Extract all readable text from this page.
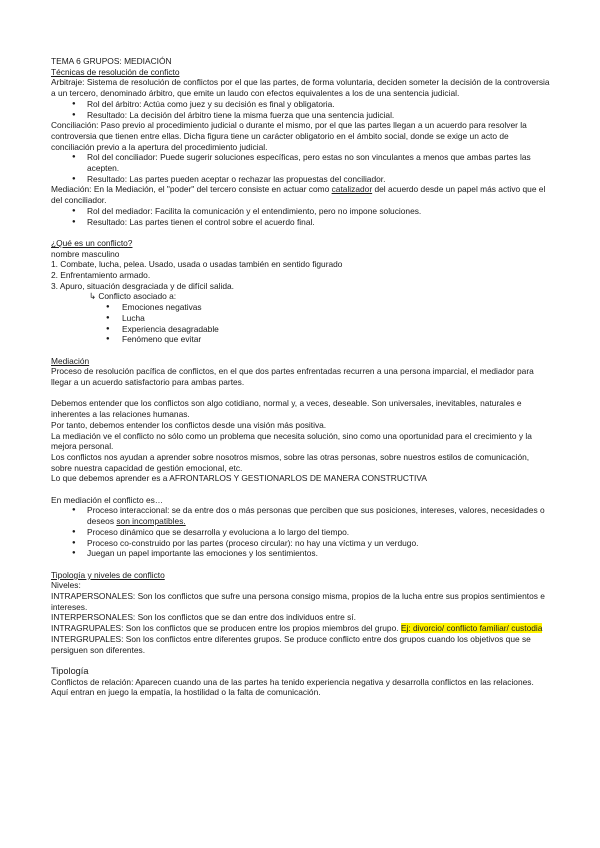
TEMA 6 GRUPOS: MEDIACIÓN

Técnicas de resolución de conficto

Arbitraje: Sistema de resolución de conflictos por el que las partes, de forma voluntaria, deciden someter la decisión de la controversia a un tercero, denominado árbitro, que emite un laudo con efectos equivalentes a los de una sentencia judicial.

● Rol del árbitro: Actúa como juez y su decisión es final y obligatoria.
● Resultado: La decisión del árbitro tiene la misma fuerza que una sentencia judicial.

Conciliación: Paso previo al procedimiento judicial o durante el mismo, por el que las partes llegan a un acuerdo para resolver la controversia que tienen entre ellas. Dicha figura tiene un carácter obligatorio en el ámbito social, donde se exige un acto de conciliación previo a la apertura del procedimiento judicial.

● Rol del conciliador: Puede sugerir soluciones específicas, pero estas no son vinculantes a menos que ambas partes las acepten.
● Resultado: Las partes pueden aceptar o rechazar las propuestas del conciliador.

Mediación: En la Mediación, el "poder" del tercero consiste en actuar como catalizador del acuerdo desde un papel más activo que el del conciliador.

● Rol del mediador: Facilita la comunicación y el entendimiento, pero no impone soluciones.
● Resultado: Las partes tienen el control sobre el acuerdo final.

¿Qué es un conflicto?

nombre masculino

1. Combate, lucha, pelea. Usado, usada o usadas también en sentido figurado

2. Enfrentamiento armado.

3. Apuro, situación desgraciada y de difícil salida.

↳ Conflicto asociado a:

● Emociones negativas
● Lucha
● Experiencia desagradable
● Fenómeno que evitar

Mediación

Proceso de resolución pacífica de conflictos, en el que dos partes enfrentadas recurren a una persona imparcial, el mediador para llegar a un acuerdo satisfactorio para ambas partes.

Debemos entender que los conflictos son algo cotidiano, normal y, a veces, deseable. Son universales, inevitables, naturales e inherentes a las relaciones humanas.

Por tanto, debemos entender los conflictos desde una visión más positiva.

La mediación ve el conflicto no sólo como un problema que necesita solución, sino como una oportunidad para el crecimiento y la mejora personal.

Los conflictos nos ayudan a aprender sobre nosotros mismos, sobre las otras personas, sobre nuestros estilos de comunicación, sobre nuestra capacidad de gestión emocional, etc.

Lo que debemos aprender es a AFRONTARLOS Y GESTIONARLOS DE MANERA CONSTRUCTIVA

En mediación el conflicto es…

● Proceso interaccional: se da entre dos o más personas que perciben que sus posiciones, intereses, valores, necesidades o deseos son incompatibles.
● Proceso dinámico que se desarrolla y evoluciona a lo largo del tiempo.
● Proceso co-construido por las partes (proceso circular): no hay una víctima y un verdugo.
● Juegan un papel importante las emociones y los sentimientos.

Tipología y niveles de conflicto

Niveles:

INTRAPERSONALES: Son los conflictos que sufre una persona consigo misma, propios de la lucha entre sus propios sentimientos e intereses.

INTERPERSONALES: Son los conflictos que se dan entre dos individuos entre sí.

INTRAGRUPALES: Son los conflictos que se producen entre los propios miembros del grupo. Ej: divorcio/ conflicto familiar/ custodia

INTERGRUPALES: Son los conflictos entre diferentes grupos. Se produce conflicto entre dos grupos cuando los objetivos que se persiguen son diferentes.

Tipología

Conflictos de relación: Aparecen cuando una de las partes ha tenido experiencia negativa y desarrolla conflictos en las relaciones. Aquí entran en juego la empatía, la hostilidad o la falta de comunicación.
